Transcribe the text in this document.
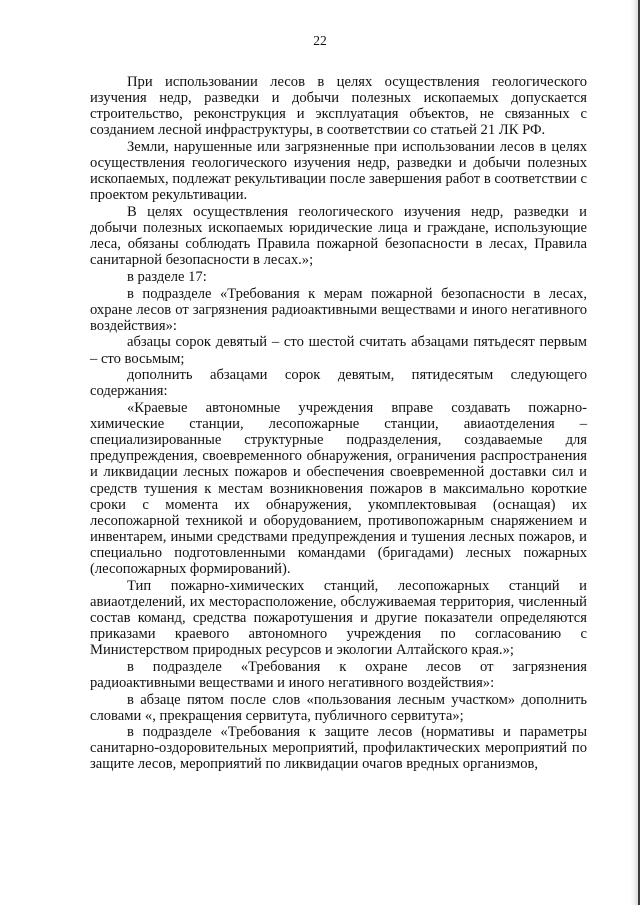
22

При использовании лесов в целях осуществления геологического изучения недр, разведки и добычи полезных ископаемых допускается строительство, реконструкция и эксплуатация объектов, не связанных с созданием лесной инфраструктуры, в соответствии со статьей 21 ЛК РФ.

Земли, нарушенные или загрязненные при использовании лесов в целях осуществления геологического изучения недр, разведки и добычи полезных ископаемых, подлежат рекультивации после завершения работ в соответствии с проектом рекультивации.

В целях осуществления геологического изучения недр, разведки и добычи полезных ископаемых юридические лица и граждане, использующие леса, обязаны соблюдать Правила пожарной безопасности в лесах, Правила санитарной безопасности в лесах.»;

в разделе 17:

в подразделе «Требования к мерам пожарной безопасности в лесах, охране лесов от загрязнения радиоактивными веществами и иного негативного воздействия»:

абзацы сорок девятый – сто шестой считать абзацами пятьдесят первым – сто восьмым;

дополнить абзацами сорок девятым, пятидесятым следующего содержания:

«Краевые автономные учреждения вправе создавать пожарно-химические станции, лесопожарные станции, авиаотделения – специализированные структурные подразделения, создаваемые для предупреждения, своевременного обнаружения, ограничения распространения и ликвидации лесных пожаров и обеспечения своевременной доставки сил и средств тушения к местам возникновения пожаров в максимально короткие сроки с момента их обнаружения, укомплектовывая (оснащая) их лесопожарной техникой и оборудованием, противопожарным снаряжением и инвентарем, иными средствами предупреждения и тушения лесных пожаров, и специально подготовленными командами (бригадами) лесных пожарных (лесопожарных формирований).

Тип пожарно-химических станций, лесопожарных станций и авиаотделений, их месторасположение, обслуживаемая территория, численный состав команд, средства пожаротушения и другие показатели определяются приказами краевого автономного учреждения по согласованию с Министерством природных ресурсов и экологии Алтайского края.»;

в подразделе «Требования к охране лесов от загрязнения радиоактивными веществами и иного негативного воздействия»:

в абзаце пятом после слов «пользования лесным участком» дополнить словами «, прекращения сервитута, публичного сервитута»;

в подразделе «Требования к защите лесов (нормативы и параметры санитарно-оздоровительных мероприятий, профилактических мероприятий по защите лесов, мероприятий по ликвидации очагов вредных организмов,
